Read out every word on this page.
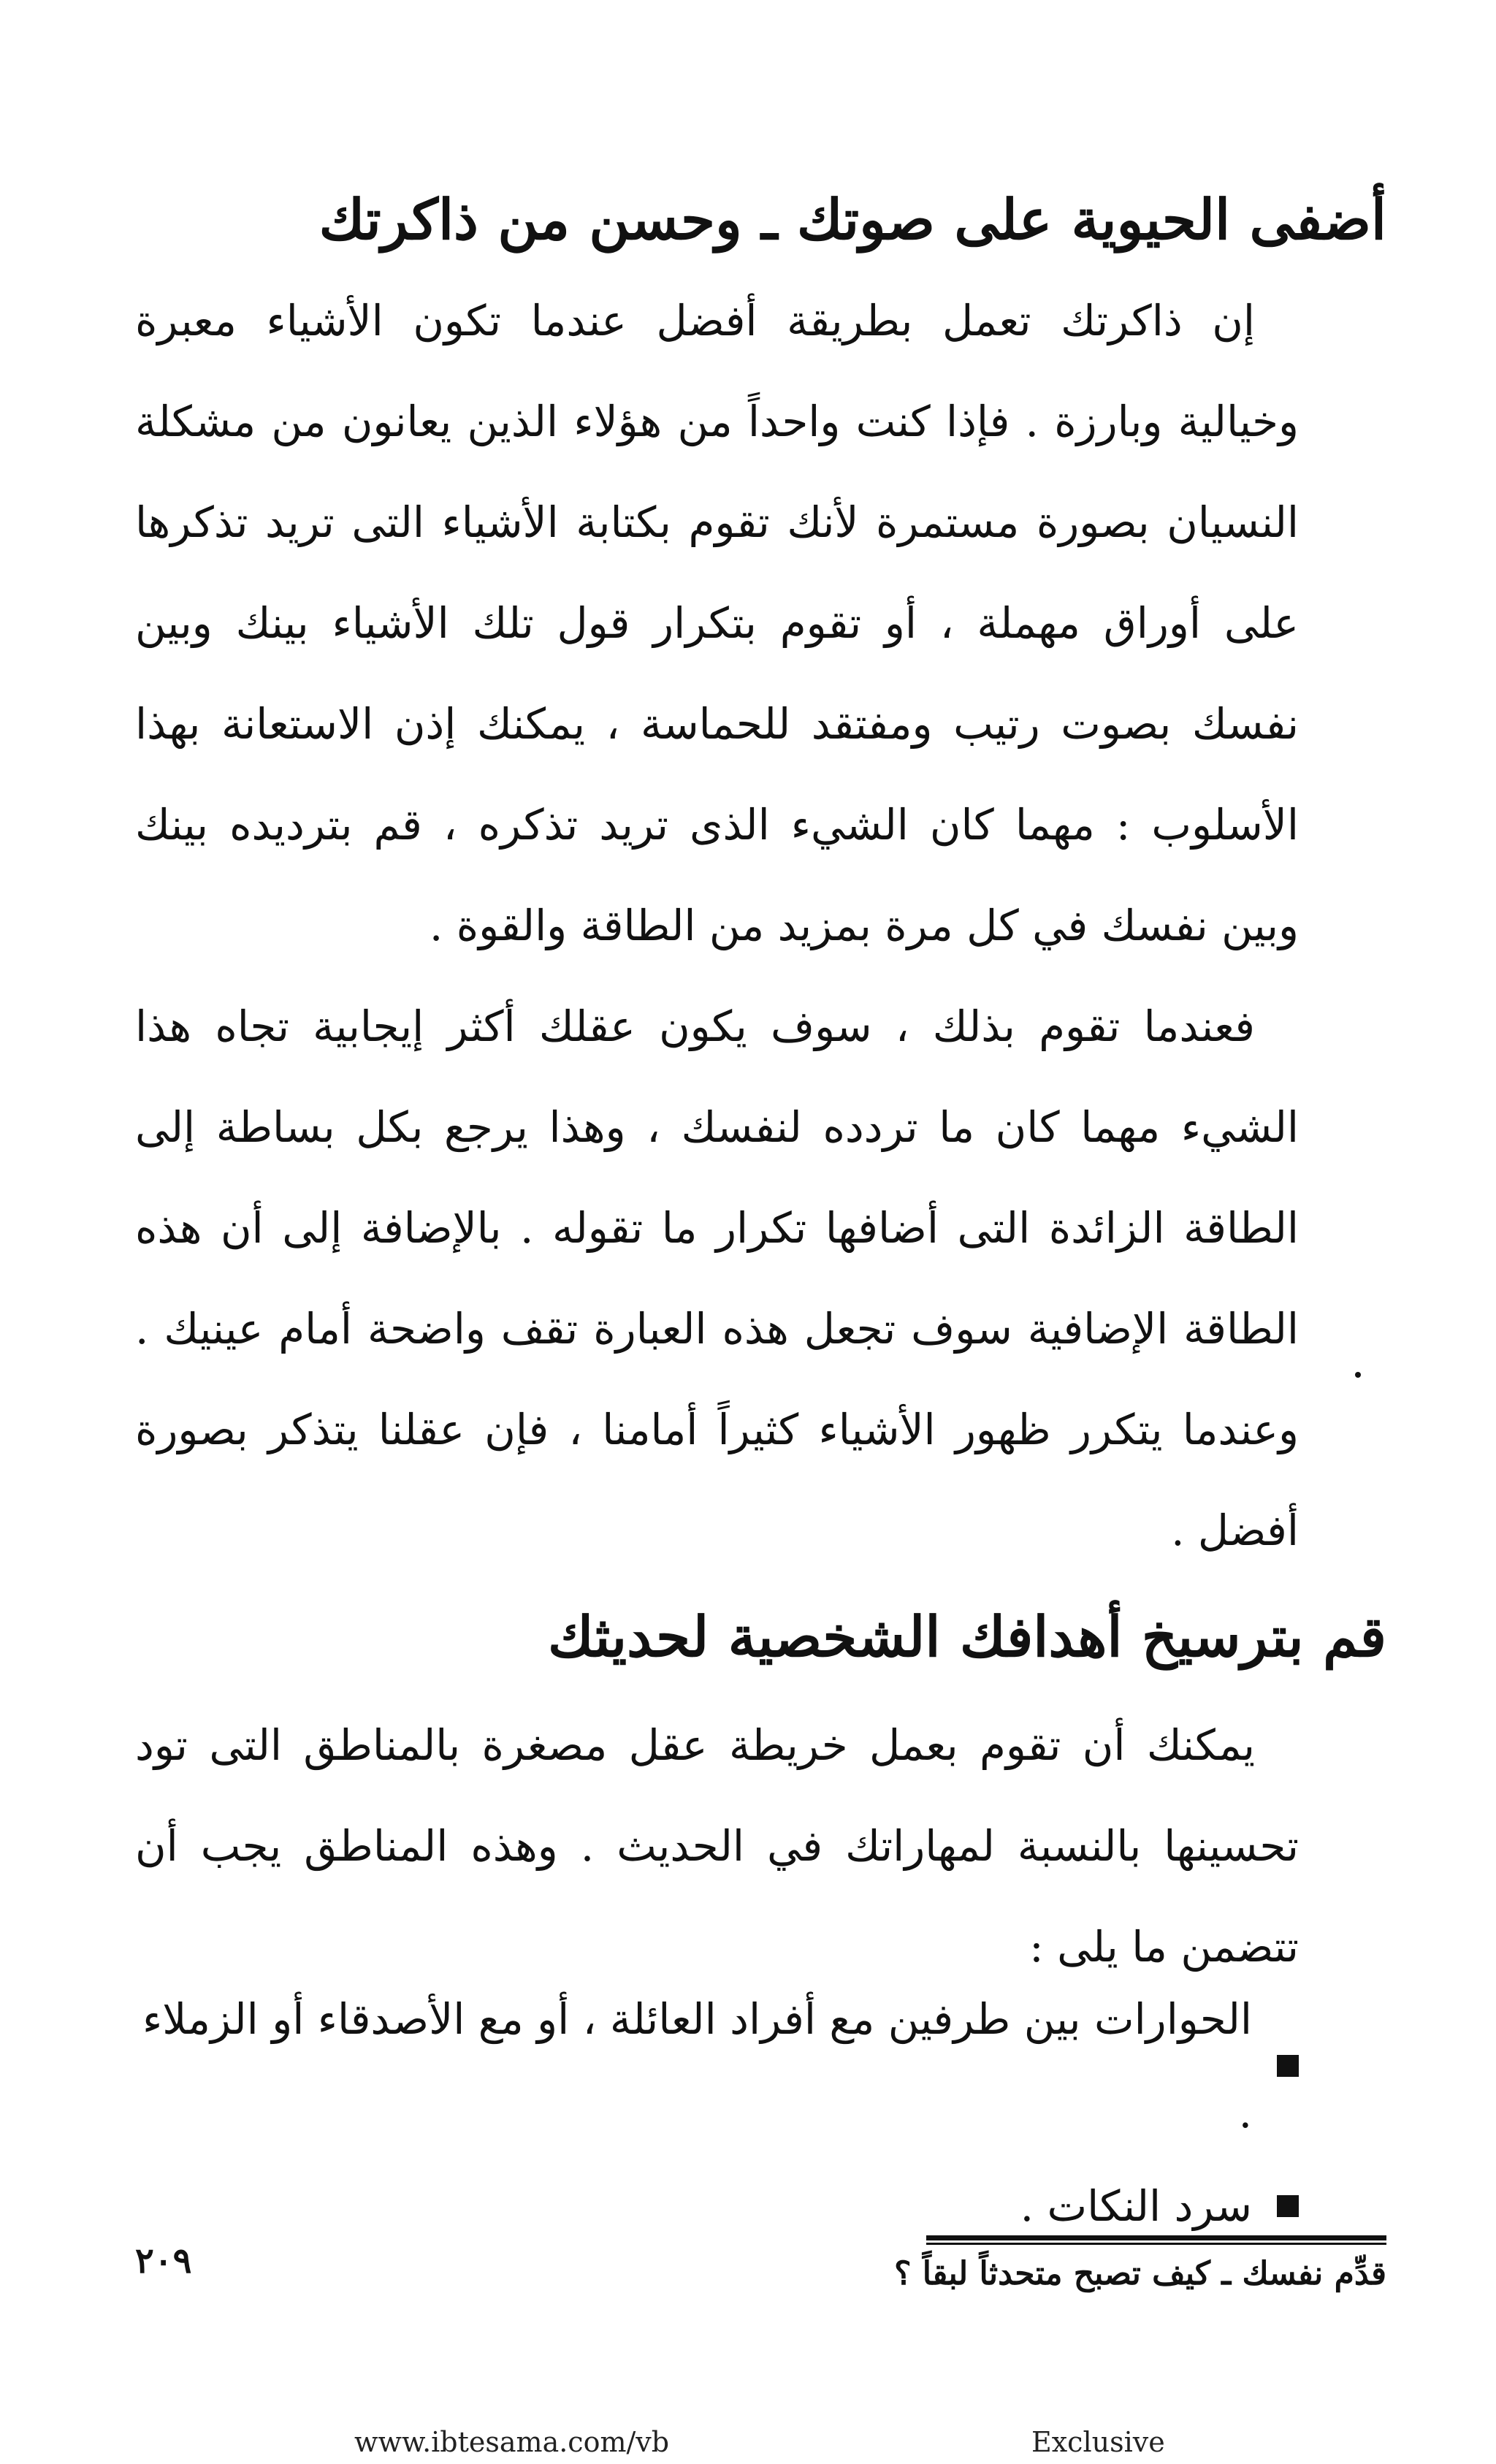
أضفى الحيوية على صوتك ـ وحسن من ذاكرتك

إن ذاكرتك تعمل بطريقة أفضل عندما تكون الأشياء معبرة وخيالية وبارزة . فإذا كنت واحداً من هؤلاء الذين يعانون من مشكلة النسيان بصورة مستمرة لأنك تقوم بكتابة الأشياء التى تريد تذكرها على أوراق مهملة ، أو تقوم بتكرار قول تلك الأشياء بينك وبين نفسك بصوت رتيب ومفتقد للحماسة ، يمكنك إذن الاستعانة بهذا الأسلوب : مهما كان الشيء الذى تريد تذكره ، قم بترديده بينك وبين نفسك في كل مرة بمزيد من الطاقة والقوة .

فعندما تقوم بذلك ، سوف يكون عقلك أكثر إيجابية تجاه هذا الشيء مهما كان ما تردده لنفسك ، وهذا يرجع بكل بساطة إلى الطاقة الزائدة التى أضافها تكرار ما تقوله . بالإضافة إلى أن هذه الطاقة الإضافية سوف تجعل هذه العبارة تقف واضحة أمام عينيك . وعندما يتكرر ظهور الأشياء كثيراً أمامنا ، فإن عقلنا يتذكر بصورة أفضل .

قم بترسيخ أهدافك الشخصية لحديثك

يمكنك أن تقوم بعمل خريطة عقل مصغرة بالمناطق التى تود تحسينها بالنسبة لمهاراتك في الحديث . وهذه المناطق يجب أن تتضمن ما يلى :

الحوارات بين طرفين مع أفراد العائلة ، أو مع الأصدقاء أو الزملاء .
سرد النكات .
قدِّم نفسك ـ كيف تصبح متحدثاً لبقاً ؟
٢٠٩
www.ibtesama.com/vb	Exclusive
